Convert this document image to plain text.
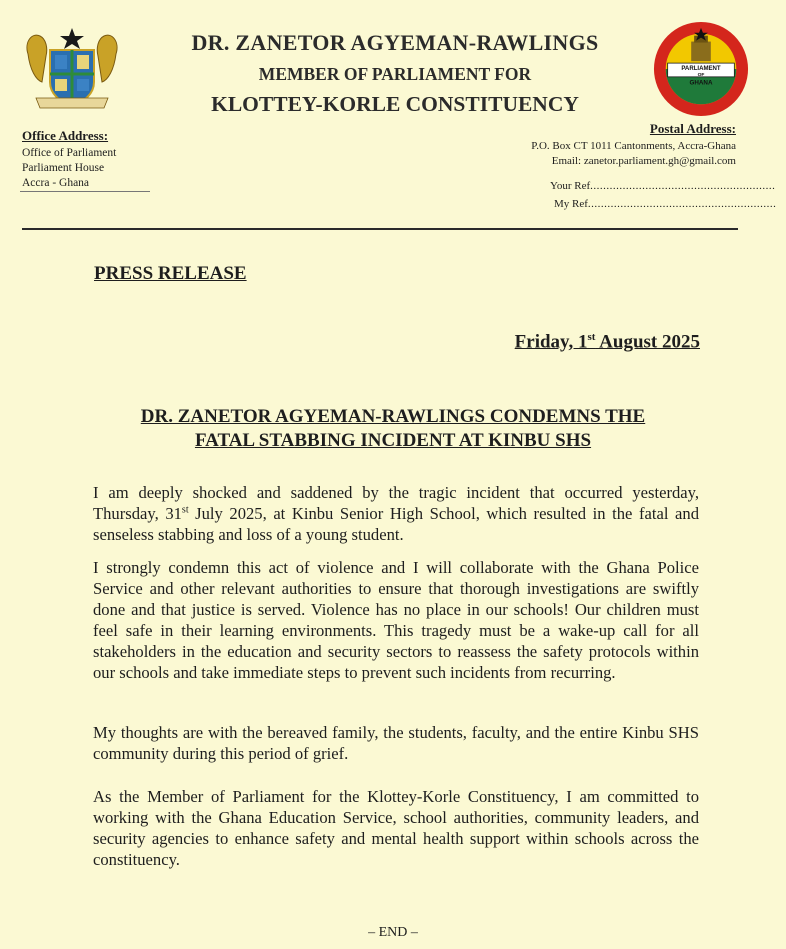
DR. ZANETOR AGYEMAN-RAWLINGS
MEMBER OF PARLIAMENT FOR
KLOTTEY-KORLE CONSTITUENCY
PARLIAMENT
OF
GHANA
Office Address:
Office of Parliament
Parliament House
Accra - Ghana
Postal Address:
P.O. Box CT 1011 Cantonments, Accra-Ghana
Email: zanetor.parliament.gh@gmail.com
Your Ref.........................................................
My Ref..........................................................
PRESS RELEASE
Friday, 1st August 2025
DR. ZANETOR AGYEMAN-RAWLINGS CONDEMNS THE
FATAL STABBING INCIDENT AT KINBU SHS
I am deeply shocked and saddened by the tragic incident that occurred yesterday, Thursday, 31st July 2025, at Kinbu Senior High School, which resulted in the fatal and senseless stabbing and loss of a young student.
I strongly condemn this act of violence and I will collaborate with the Ghana Police Service and other relevant authorities to ensure that thorough investigations are swiftly done and that justice is served. Violence has no place in our schools! Our children must feel safe in their learning environments. This tragedy must be a wake-up call for all stakeholders in the education and security sectors to reassess the safety protocols within our schools and take immediate steps to prevent such incidents from recurring.
My thoughts are with the bereaved family, the students, faculty, and the entire Kinbu SHS community during this period of grief.
As the Member of Parliament for the Klottey-Korle Constituency, I am committed to working with the Ghana Education Service, school authorities, community leaders, and security agencies to enhance safety and mental health support within schools across the constituency.
– END –
